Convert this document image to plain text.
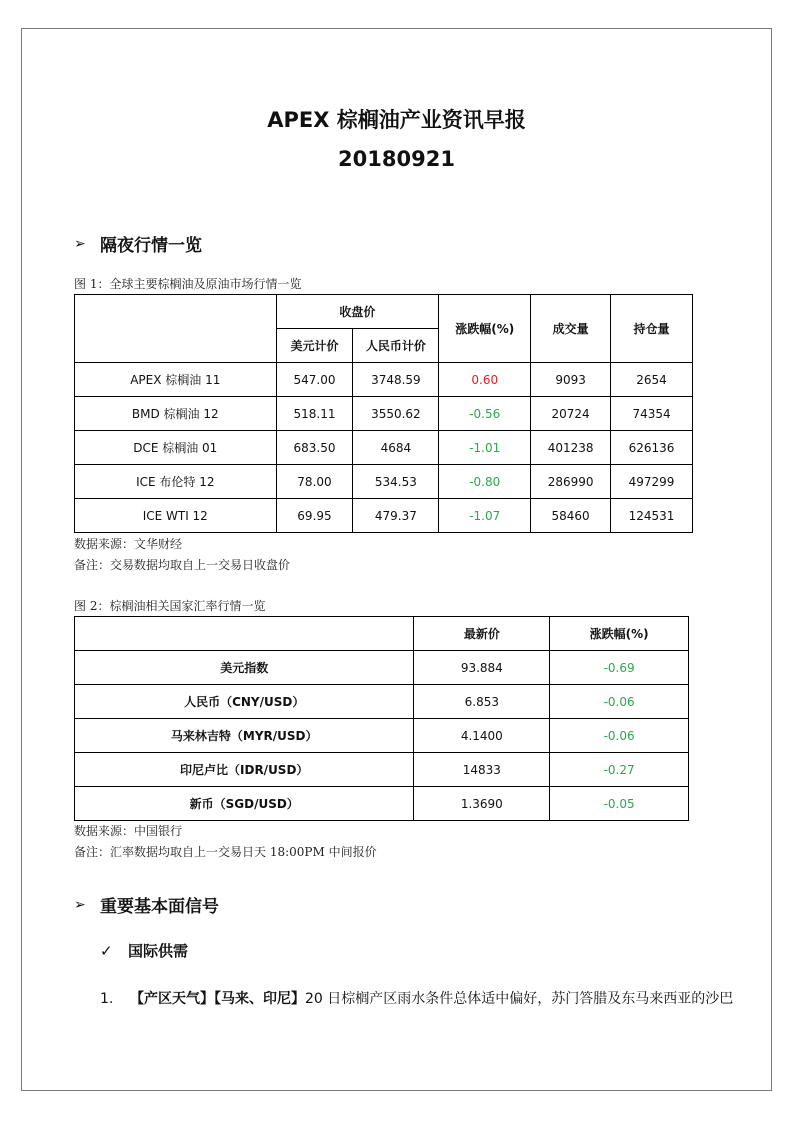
APEX 棕榈油产业资讯早报
20180921
➢ 隔夜行情一览
图 1：全球主要棕榈油及原油市场行情一览
	收盘价		涨跌幅(%)	成交量	持仓量
	美元计价	人民币计价			
APEX 棕榈油 11	547.00	3748.59	0.60	9093	2654
BMD 棕榈油 12	518.11	3550.62	-0.56	20724	74354
DCE 棕榈油 01	683.50	4684	-1.01	401238	626136
ICE 布伦特 12	78.00	534.53	-0.80	286990	497299
ICE WTI 12	69.95	479.37	-1.07	58460	124531
数据来源：文华财经
备注：交易数据均取自上一交易日收盘价
图 2：棕榈油相关国家汇率行情一览
	最新价	涨跌幅(%)
美元指数	93.884	-0.69
人民币（CNY/USD）	6.853	-0.06
马来林吉特（MYR/USD）	4.1400	-0.06
印尼卢比（IDR/USD）	14833	-0.27
新币（SGD/USD）	1.3690	-0.05
数据来源：中国银行
备注：汇率数据均取自上一交易日天 18:00PM 中间报价
➢ 重要基本面信号
✓	国际供需
1. 【产区天气】【马来、印尼】20 日棕榈产区雨水条件总体适中偏好，苏门答腊及东马来西亚的沙巴
